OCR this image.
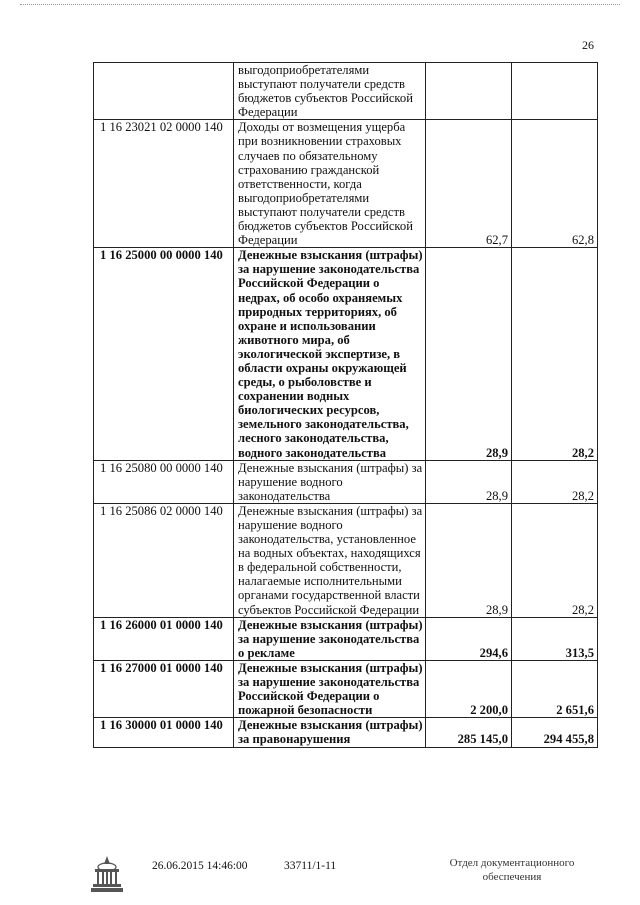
26
	выгодоприобретателями выступают получатели средств бюджетов субъектов Российской Федерации		
1 16 23021 02 0000 140	Доходы от возмещения ущерба при возникновении страховых случаев по обязательному страхованию гражданской ответственности, когда выгодоприобретателями выступают получатели средств бюджетов субъектов Российской Федерации	62,7	62,8
1 16 25000 00 0000 140	Денежные взыскания (штрафы) за нарушение законодательства Российской Федерации о недрах, об особо охраняемых природных территориях, об охране и использовании животного мира, об экологической экспертизе, в области охраны окружающей среды, о рыболовстве и сохранении водных биологических ресурсов, земельного законодательства, лесного законодательства, водного законодательства	28,9	28,2
1 16 25080 00 0000 140	Денежные взыскания (штрафы) за нарушение водного законодательства	28,9	28,2
1 16 25086 02 0000 140	Денежные взыскания (штрафы) за нарушение водного законодательства, установленное на водных объектах, находящихся в федеральной собственности, налагаемые исполнительными органами государственной власти субъектов Российской Федерации	28,9	28,2
1 16 26000 01 0000 140	Денежные взыскания (штрафы) за нарушение законодательства о рекламе	294,6	313,5
1 16 27000 01 0000 140	Денежные взыскания (штрафы) за нарушение законодательства Российской Федерации о пожарной безопасности	2 200,0	2 651,6
1 16 30000 01 0000 140	Денежные взыскания (штрафы) за правонарушения	285 145,0	294 455,8
26.06.2015 14:46:00	33711/1-11	Отдел документационного
обеспечения
